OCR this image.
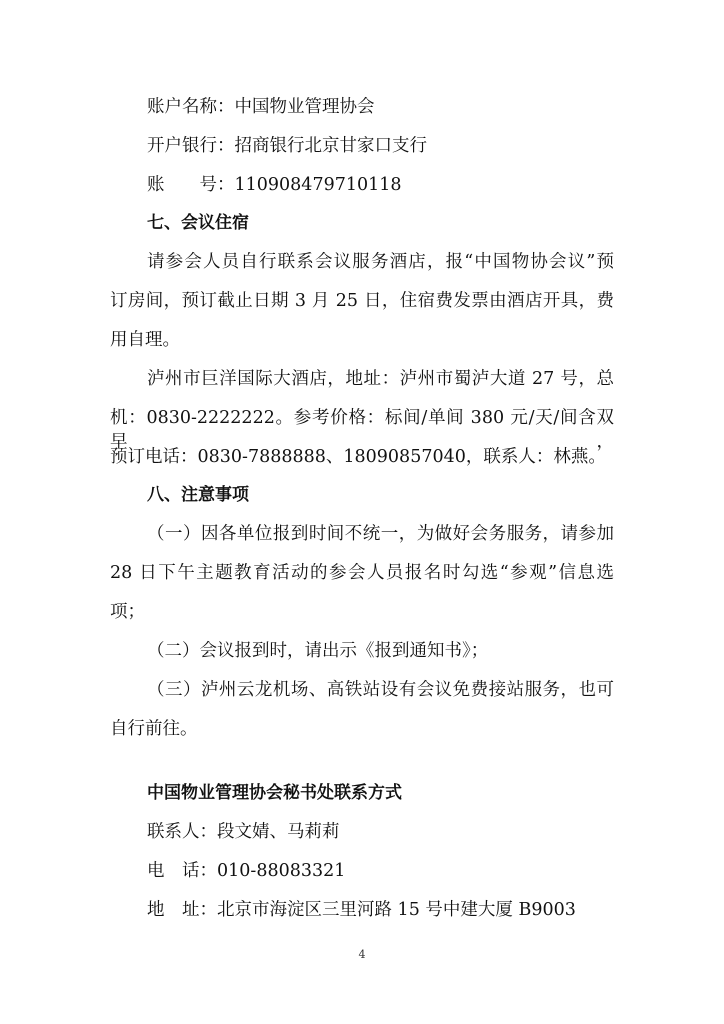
账户名称：中国物业管理协会
开户银行：招商银行北京甘家口支行
账　　号：110908479710118
七、会议住宿
请参会人员自行联系会议服务酒店，报“中国物协会议”预
订房间，预订截止日期 3 月 25 日，住宿费发票由酒店开具，费
用自理。
泸州市巨洋国际大酒店，地址：泸州市蜀泸大道 27 号，总
机：0830-2222222。参考价格：标间/单间 380 元/天/间含双早，
预订电话：0830-7888888、18090857040，联系人：林燕。
八、注意事项
（一）因各单位报到时间不统一，为做好会务服务，请参加
28 日下午主题教育活动的参会人员报名时勾选“参观”信息选
项；
（二）会议报到时，请出示《报到通知书》；
（三）泸州云龙机场、高铁站设有会议免费接站服务，也可
自行前往。
中国物业管理协会秘书处联系方式
联系人：段文婧、马莉莉
电　话：010-88083321
地　址：北京市海淀区三里河路 15 号中建大厦 B9003
4
